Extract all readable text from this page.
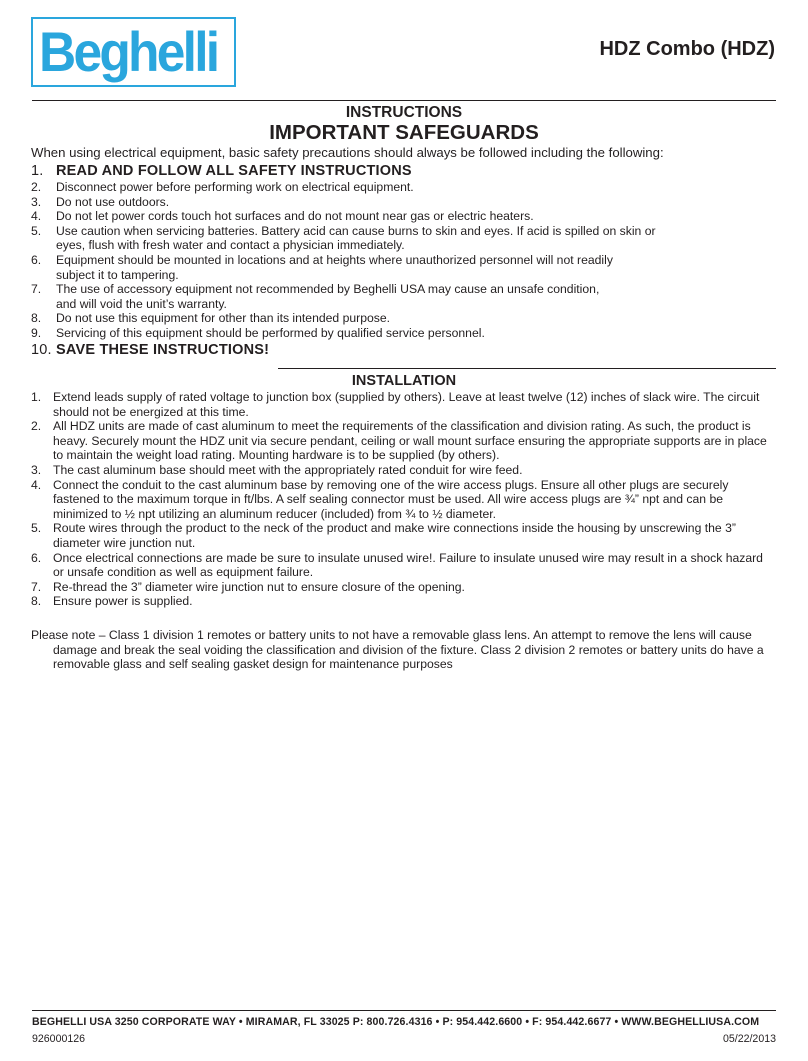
Beghelli	HDZ Combo (HDZ)
INSTRUCTIONS
IMPORTANT SAFEGUARDS
When using electrical equipment, basic safety precautions should always be followed including the following:
1. READ AND FOLLOW ALL SAFETY INSTRUCTIONS
2. Disconnect power before performing work on electrical equipment.
3. Do not use outdoors.
4. Do not let power cords touch hot surfaces and do not mount near gas or electric heaters.
5. Use caution when servicing batteries. Battery acid can cause burns to skin and eyes. If acid is spilled on skin or eyes, flush with fresh water and contact a physician immediately.
6. Equipment should be mounted in locations and at heights where unauthorized personnel will not readily subject it to tampering.
7. The use of accessory equipment not recommended by Beghelli USA may cause an unsafe condition, and will void the unit’s warranty.
8. Do not use this equipment for other than its intended purpose.
9. Servicing of this equipment should be performed by qualified service personnel.
10. SAVE THESE INSTRUCTIONS!
INSTALLATION
1. Extend leads supply of rated voltage to junction box (supplied by others). Leave at least twelve (12) inches of slack wire. The circuit should not be energized at this time.
2. All HDZ units are made of cast aluminum to meet the requirements of the classification and division rating. As such, the product is heavy. Securely mount the HDZ unit via secure pendant, ceiling or wall mount surface ensuring the appropriate supports are in place to maintain the weight load rating. Mounting hardware is to be supplied (by others).
3. The cast aluminum base should meet with the appropriately rated conduit for wire feed.
4. Connect the conduit to the cast aluminum base by removing one of the wire access plugs. Ensure all other plugs are securely fastened to the maximum torque in ft/lbs. A self sealing connector must be used. All wire access plugs are ¾” npt and can be minimized to ½ npt utilizing an aluminum reducer (included) from ¾ to ½ diameter.
5. Route wires through the product to the neck of the product and make wire connections inside the housing by unscrewing the 3” diameter wire junction nut.
6. Once electrical connections are made be sure to insulate unused wire!. Failure to insulate unused wire may result in a shock hazard or unsafe condition as well as equipment failure.
7. Re-thread the 3” diameter wire junction nut to ensure closure of the opening.
8. Ensure power is supplied.
Please note – Class 1 division 1 remotes or battery units to not have a removable glass lens. An attempt to remove the lens will cause damage and break the seal voiding the classification and division of the fixture. Class 2 division 2 remotes or battery units do have a removable glass and self sealing gasket design for maintenance purposes
BEGHELLI USA 3250 CORPORATE WAY • MIRAMAR, FL 33025 P: 800.726.4316 • P: 954.442.6600 • F: 954.442.6677 • WWW.BEGHELLIUSA.COM
926000126	05/22/2013
